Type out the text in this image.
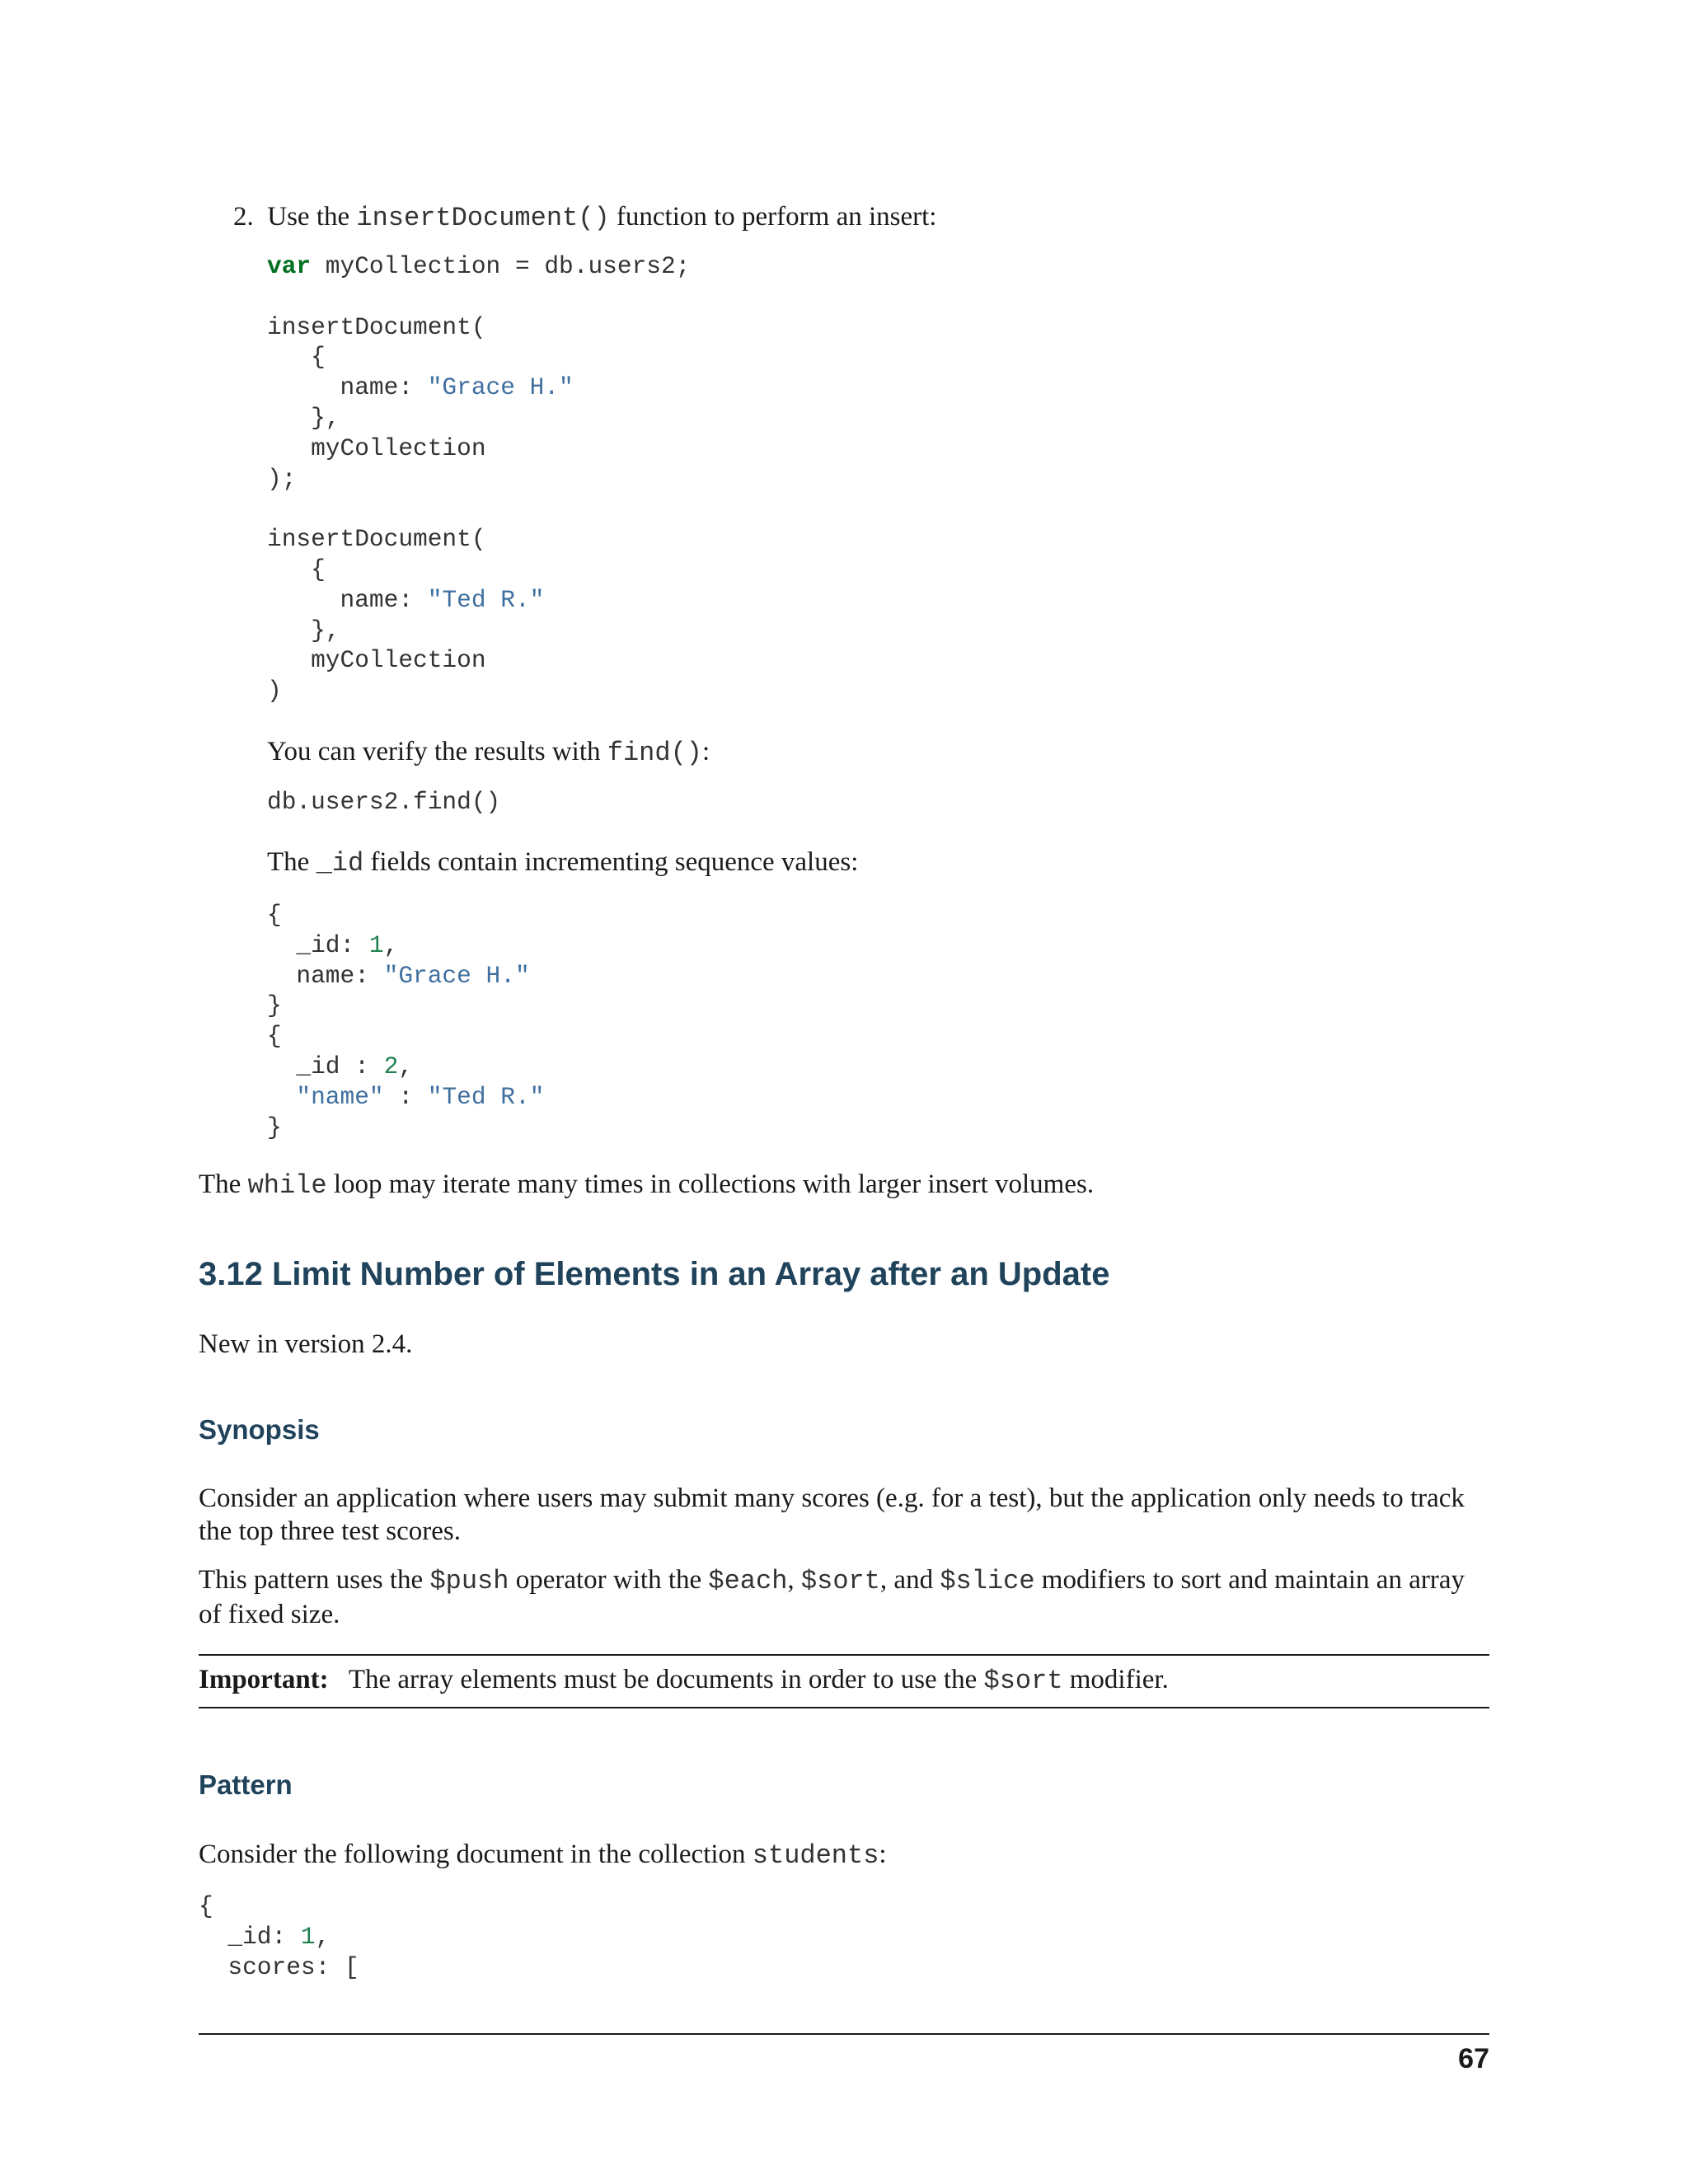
2. Use the insertDocument() function to perform an insert:

var myCollection = db.users2;

insertDocument(
{
name: "Grace H."
},
myCollection
);

insertDocument(
{
name: "Ted R."
},
myCollection
)

You can verify the results with find():

db.users2.find()

The _id fields contain incrementing sequence values:

{
_id: 1,
name: "Grace H."
}
{
_id : 2,
"name" : "Ted R."
}

The while loop may iterate many times in collections with larger insert volumes.

3.12 Limit Number of Elements in an Array after an Update

New in version 2.4.

Synopsis

Consider an application where users may submit many scores (e.g. for a test), but the application only needs to track the top three test scores.

This pattern uses the $push operator with the $each, $sort, and $slice modifiers to sort and maintain an array of fixed size.

Important: The array elements must be documents in order to use the $sort modifier.

Pattern

Consider the following document in the collection students:

{
_id: 1,
scores: [
67
